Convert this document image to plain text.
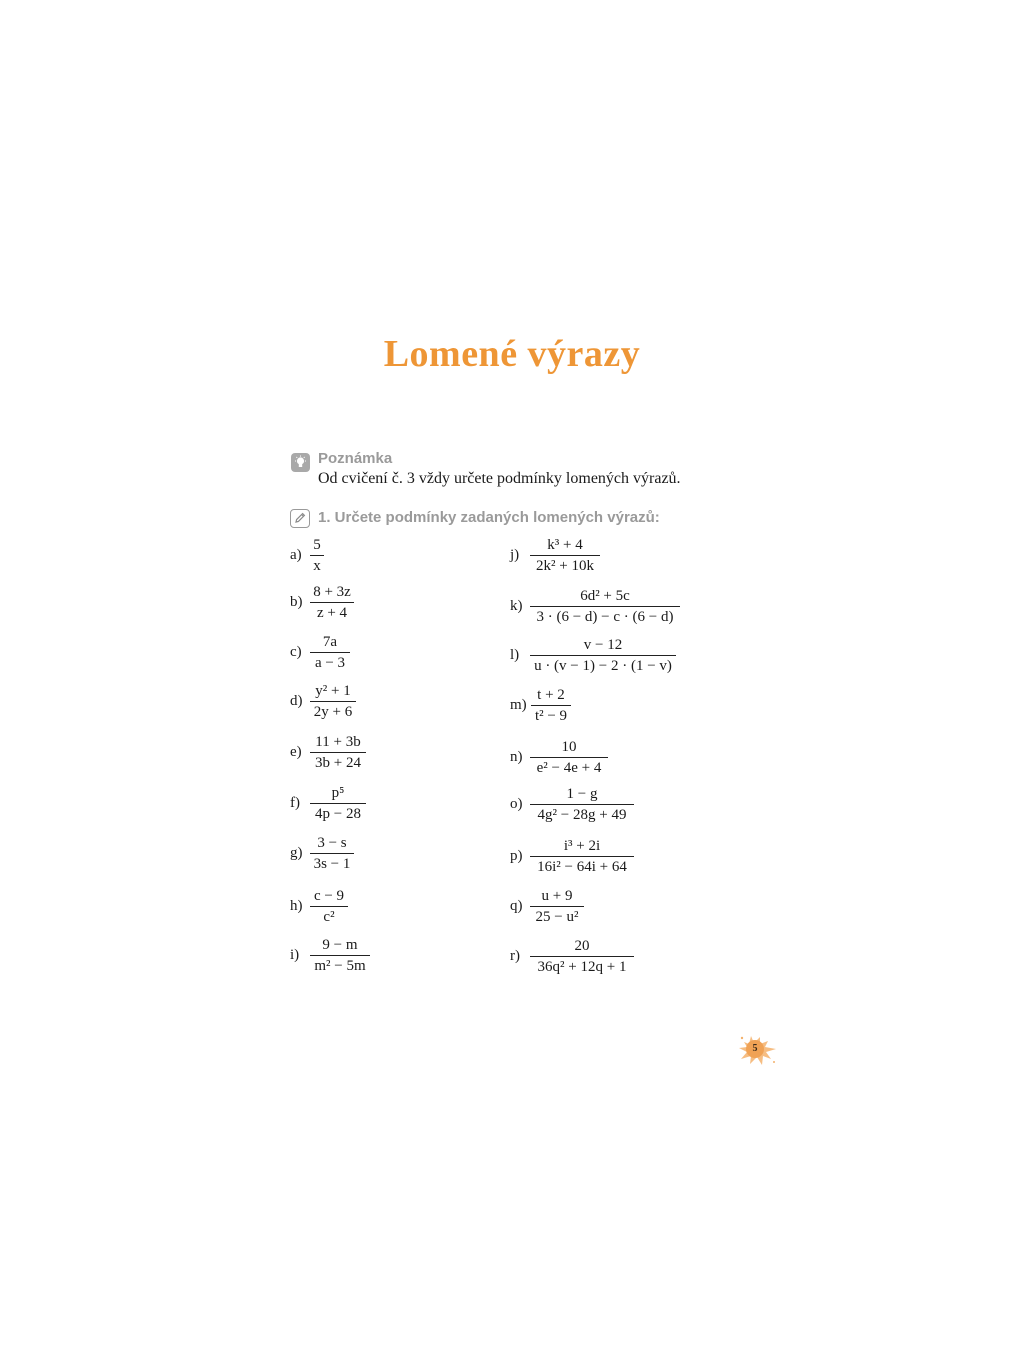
Lomené výrazy
Poznámka
Od cvičení č. 3 vždy určete podmínky lomených výrazů.
1. Určete podmínky zadaných lomených výrazů:
a)
5
x
b)
8 + 3z
z + 4
c)
7a
a − 3
d)
y² + 1
2y + 6
e)
11 + 3b
3b + 24
f)
p⁵
4p − 28
g)
3 − s
3s − 1
h)
c − 9
c²
i)
9 − m
m² − 5m
j)
k³ + 4
2k² + 10k
k)
6d² + 5c
3 · (6 − d) − c · (6 − d)
l)
v − 12
u · (v − 1) − 2 · (1 − v)
m)
t + 2
t² − 9
n)
10
e² − 4e + 4
o)
1 − g
4g² − 28g + 49
p)
i³ + 2i
16i² − 64i + 64
q)
u + 9
25 − u²
r)
20
36q² + 12q + 1
5
